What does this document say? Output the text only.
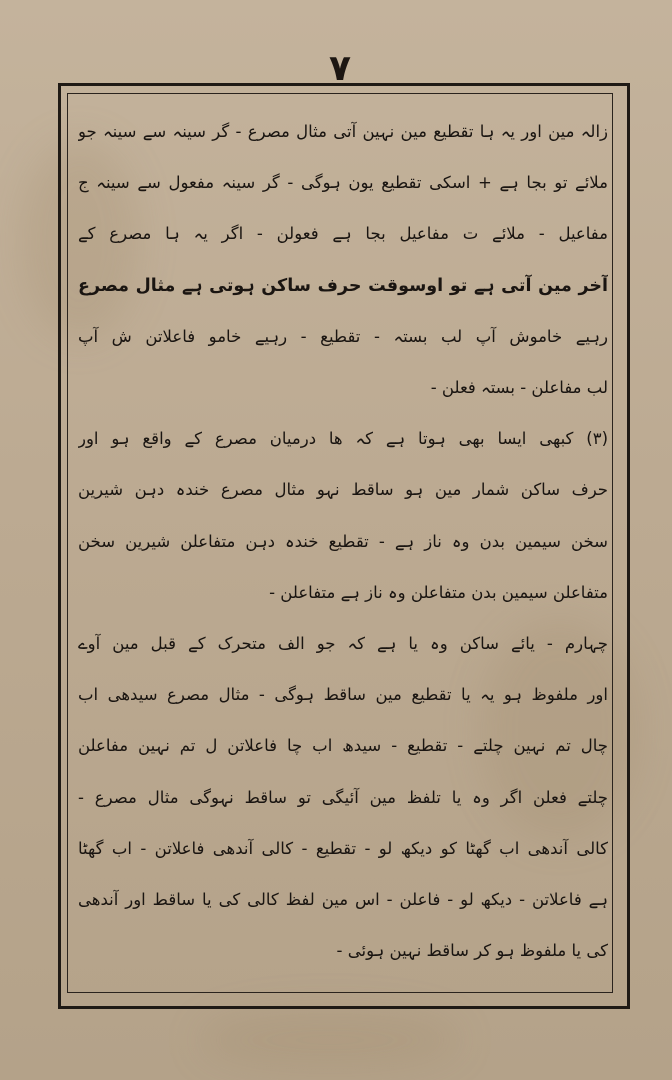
۷
زالہ مین اور یہ ہا تقطیع مین نہین آتی مثال مصرع - گر سینہ سے سینہ جو
ملائے تو بجا ہے + اسکی تقطیع یون ہوگی - گر سینہ مفعول سے سینہ ج
مفاعیل - ملائے ت مفاعیل بجا ہے فعولن - اگر یہ ہا مصرع کے
آخر مین آتی ہے تو اوسوقت حرف ساکن ہوتی ہے مثال مصرع
رہیے خاموش آپ لب بستہ - تقطیع - رہیے خامو فاعلاتن ش آپ
لب مفاعلن - بستہ فعلن -
(۳) کبھی ایسا بھی ہوتا ہے کہ ھا درمیان مصرع کے واقع ہو اور
حرف ساکن شمار مین ہو ساقط نہو مثال مصرع خندہ دہن شیرین
سخن سیمین بدن وہ ناز ہے - تقطیع خندہ دہن متفاعلن شیرین سخن
متفاعلن سیمین بدن متفاعلن وہ ناز ہے متفاعلن -
چہارم - یائے ساکن وہ یا ہے کہ جو الف متحرک کے قبل مین آوے
اور ملفوظ ہو یہ یا تقطیع مین ساقط ہوگی - مثال مصرع سیدھی اب
چال تم نہین چلتے - تقطیع - سیدھ اب چا فاعلاتن ل تم نہین مفاعلن
چلتے فعلن اگر وہ یا تلفظ مین آئیگی تو ساقط نہوگی مثال مصرع -
کالی آندھی اب گھٹا کو دیکھ لو - تقطیع - کالی آندھی فاعلاتن - اب گھٹا
ہے فاعلاتن - دیکھ لو - فاعلن - اس مین لفظ کالی کی یا ساقط اور آندھی
کی یا ملفوظ ہو کر ساقط نہین ہوئی -
